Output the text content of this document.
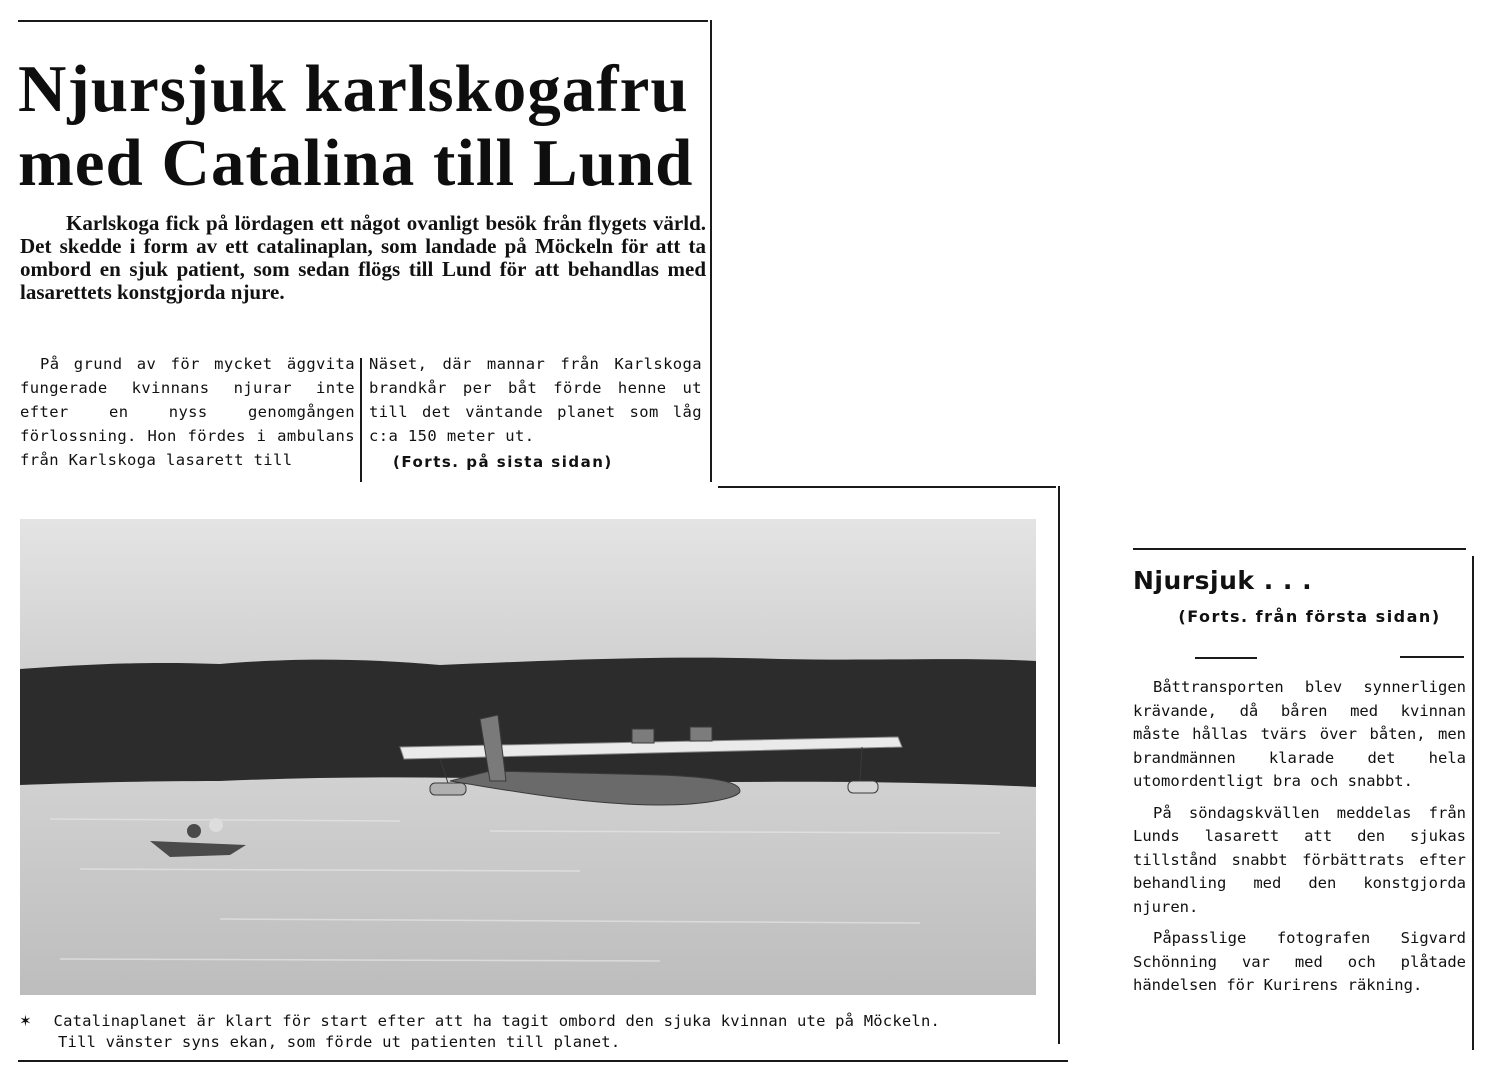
Njursjuk karlskogafru
med Catalina till Lund

Karlskoga fick på lördagen ett något ovanligt besök från flygets värld. Det skedde i form av ett catalinaplan, som landade på Möckeln för att ta ombord en sjuk patient, som sedan flögs till Lund för att behandlas med lasarettets konstgjorda njure.

På grund av för mycket äggvita fungerade kvinnans njurar inte efter en nyss genomgången förlossning. Hon fördes i ambulans från Karlskoga lasarett till

Näset, där mannar från Karlskoga brandkår per båt förde henne ut till det väntande planet som låg c:a 150 meter ut.

(Forts. på sista sidan)
✶ Catalinaplanet är klart för start efter att ha tagit ombord den sjuka kvinnan ute på Möckeln.
Till vänster syns ekan, som förde ut patienten till planet.
Njursjuk . . .
(Forts. från första sidan)

Båttransporten blev synnerligen krävande, då båren med kvinnan måste hållas tvärs över båten, men brandmännen klarade det hela utomordentligt bra och snabbt.

På söndagskvällen meddelas från Lunds lasarett att den sjukas tillstånd snabbt förbättrats efter behandling med den konstgjorda njuren.

Påpasslige fotografen Sigvard Schönning var med och plåtade händelsen för Kurirens räkning.
